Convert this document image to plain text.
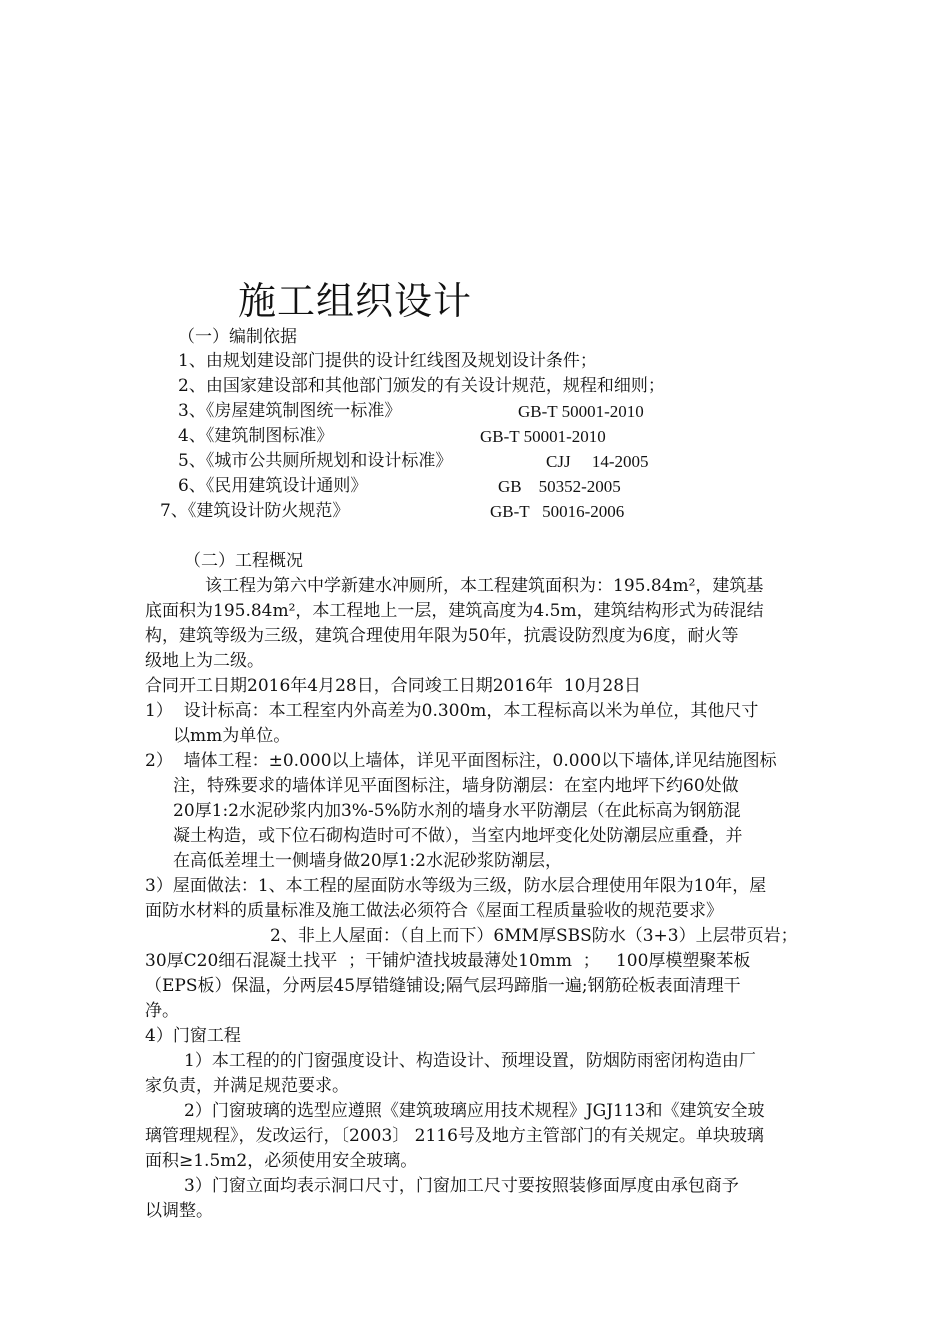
施工组织设计
（一）编制依据
1、由规划建设部门提供的设计红线图及规划设计条件；
2、由国家建设部和其他部门颁发的有关设计规范，规程和细则；
3、《房屋建筑制图统一标准》	GB-T 50001-2010
4、《建筑制图标准》	GB-T 50001-2010
5、《城市公共厕所规划和设计标准》	CJJ     14-2005
6、《民用建筑设计通则》	GB    50352-2005
7、《建筑设计防火规范》	GB-T   50016-2006
（二）工程概况
该工程为第六中学新建水冲厕所，本工程建筑面积为：195.84m²，建筑基
底面积为195.84m²，本工程地上一层，建筑高度为4.5m，建筑结构形式为砖混结
构，建筑等级为三级，建筑合理使用年限为50年，抗震设防烈度为6度，耐火等
级地上为二级。
合同开工日期2016年4月28日，合同竣工日期2016年  10月28日
1）  设计标高：本工程室内外高差为0.300m，本工程标高以米为单位，其他尺寸
以mm为单位。
2）  墙体工程：±0.000以上墙体，详见平面图标注，0.000以下墙体,详见结施图标
注，特殊要求的墙体详见平面图标注，墙身防潮层：在室内地坪下约60处做
20厚1:2水泥砂浆内加3%-5%防水剂的墙身水平防潮层（在此标高为钢筋混
凝土构造，或下位石砌构造时可不做），当室内地坪变化处防潮层应重叠，并
在高低差埋土一侧墙身做20厚1:2水泥砂浆防潮层，
3）屋面做法：1、本工程的屋面防水等级为三级，防水层合理使用年限为10年，屋
面防水材料的质量标准及施工做法必须符合《屋面工程质量验收的规范要求》
2、非上人屋面：（自上而下）6MM厚SBS防水（3+3）上层带页岩；
30厚C20细石混凝土找平  ；干铺炉渣找坡最薄处10mm  ；   100厚模塑聚苯板
（EPS板）保温，分两层45厚错缝铺设;隔气层玛蹄脂一遍;钢筋砼板表面清理干
净。
4）门窗工程
1）本工程的的门窗强度设计、构造设计、预埋设置，防烟防雨密闭构造由厂
家负责，并满足规范要求。
2）门窗玻璃的选型应遵照《建筑玻璃应用技术规程》JGJ113和《建筑安全玻
璃管理规程》，发改运行，〔2003〕 2116号及地方主管部门的有关规定。单块玻璃
面积≥1.5m2，必须使用安全玻璃。
3）门窗立面均表示洞口尺寸，门窗加工尺寸要按照装修面厚度由承包商予
以调整。
